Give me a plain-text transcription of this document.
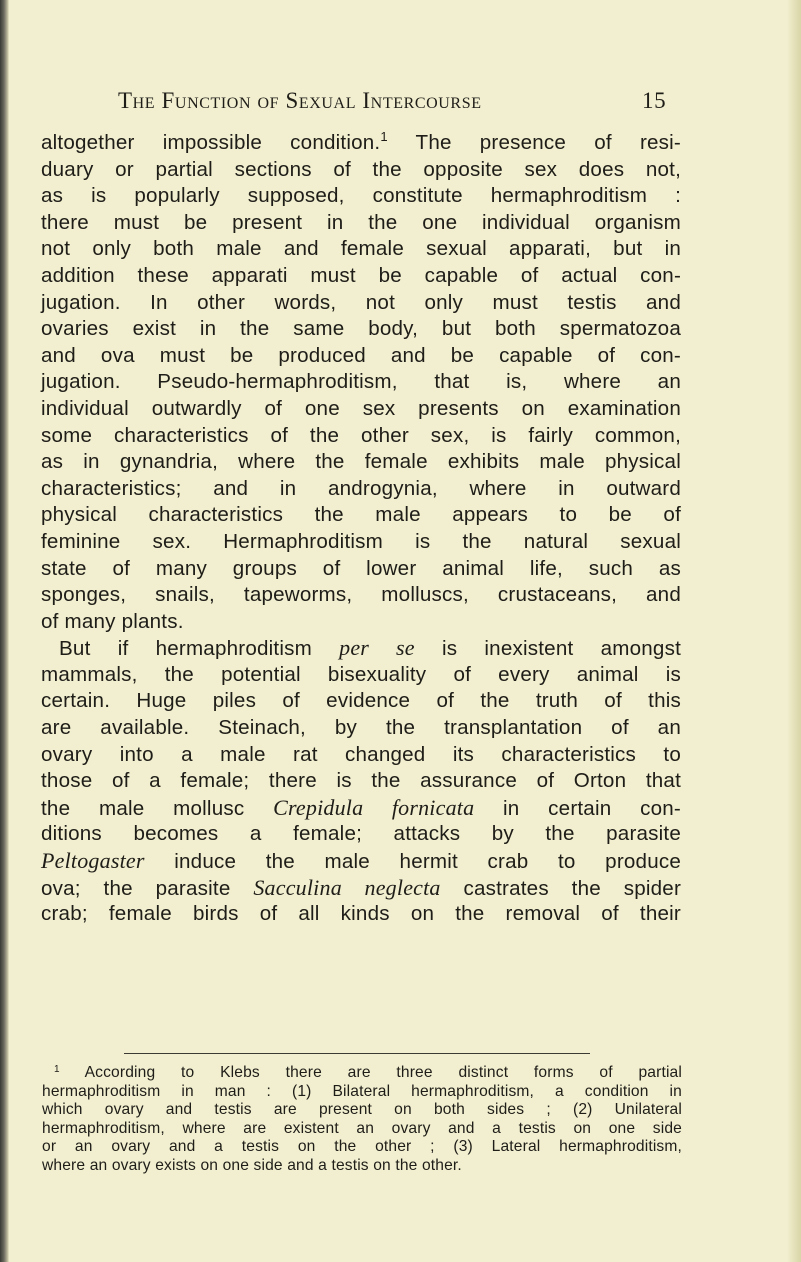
The Function of Sexual Intercourse	15
altogether impossible condition.$^1$ The presence of resi-
duary or partial sections of the opposite sex does not,
as is popularly supposed, constitute hermaphroditism :
there must be present in the one individual organism
not only both male and female sexual apparati, but in
addition these apparati must be capable of actual con-
jugation. In other words, not only must testis and
ovaries exist in the same body, but both spermatozoa
and ova must be produced and be capable of con-
jugation. Pseudo-hermaphroditism, that is, where an
individual outwardly of one sex presents on examination
some characteristics of the other sex, is fairly common,
as in gynandria, where the female exhibits male physical
characteristics; and in androgynia, where in outward
physical characteristics the male appears to be of
feminine sex. Hermaphroditism is the natural sexual
state of many groups of lower animal life, such as
sponges, snails, tapeworms, molluscs, crustaceans, and
of many plants.
But if hermaphroditism per se is inexistent amongst
mammals, the potential bisexuality of every animal is
certain. Huge piles of evidence of the truth of this
are available. Steinach, by the transplantation of an
ovary into a male rat changed its characteristics to
those of a female; there is the assurance of Orton that
the male mollusc Crepidula fornicata in certain con-
ditions becomes a female; attacks by the parasite
Peltogaster induce the male hermit crab to produce
ova; the parasite Sacculina neglecta castrates the spider
crab; female birds of all kinds on the removal of their
$^1$ According to Klebs there are three distinct forms of partial
hermaphroditism in man : (1) Bilateral hermaphroditism, a condition in
which ovary and testis are present on both sides ; (2) Unilateral
hermaphroditism, where are existent an ovary and a testis on one side
or an ovary and a testis on the other ; (3) Lateral hermaphroditism,
where an ovary exists on one side and a testis on the other.
